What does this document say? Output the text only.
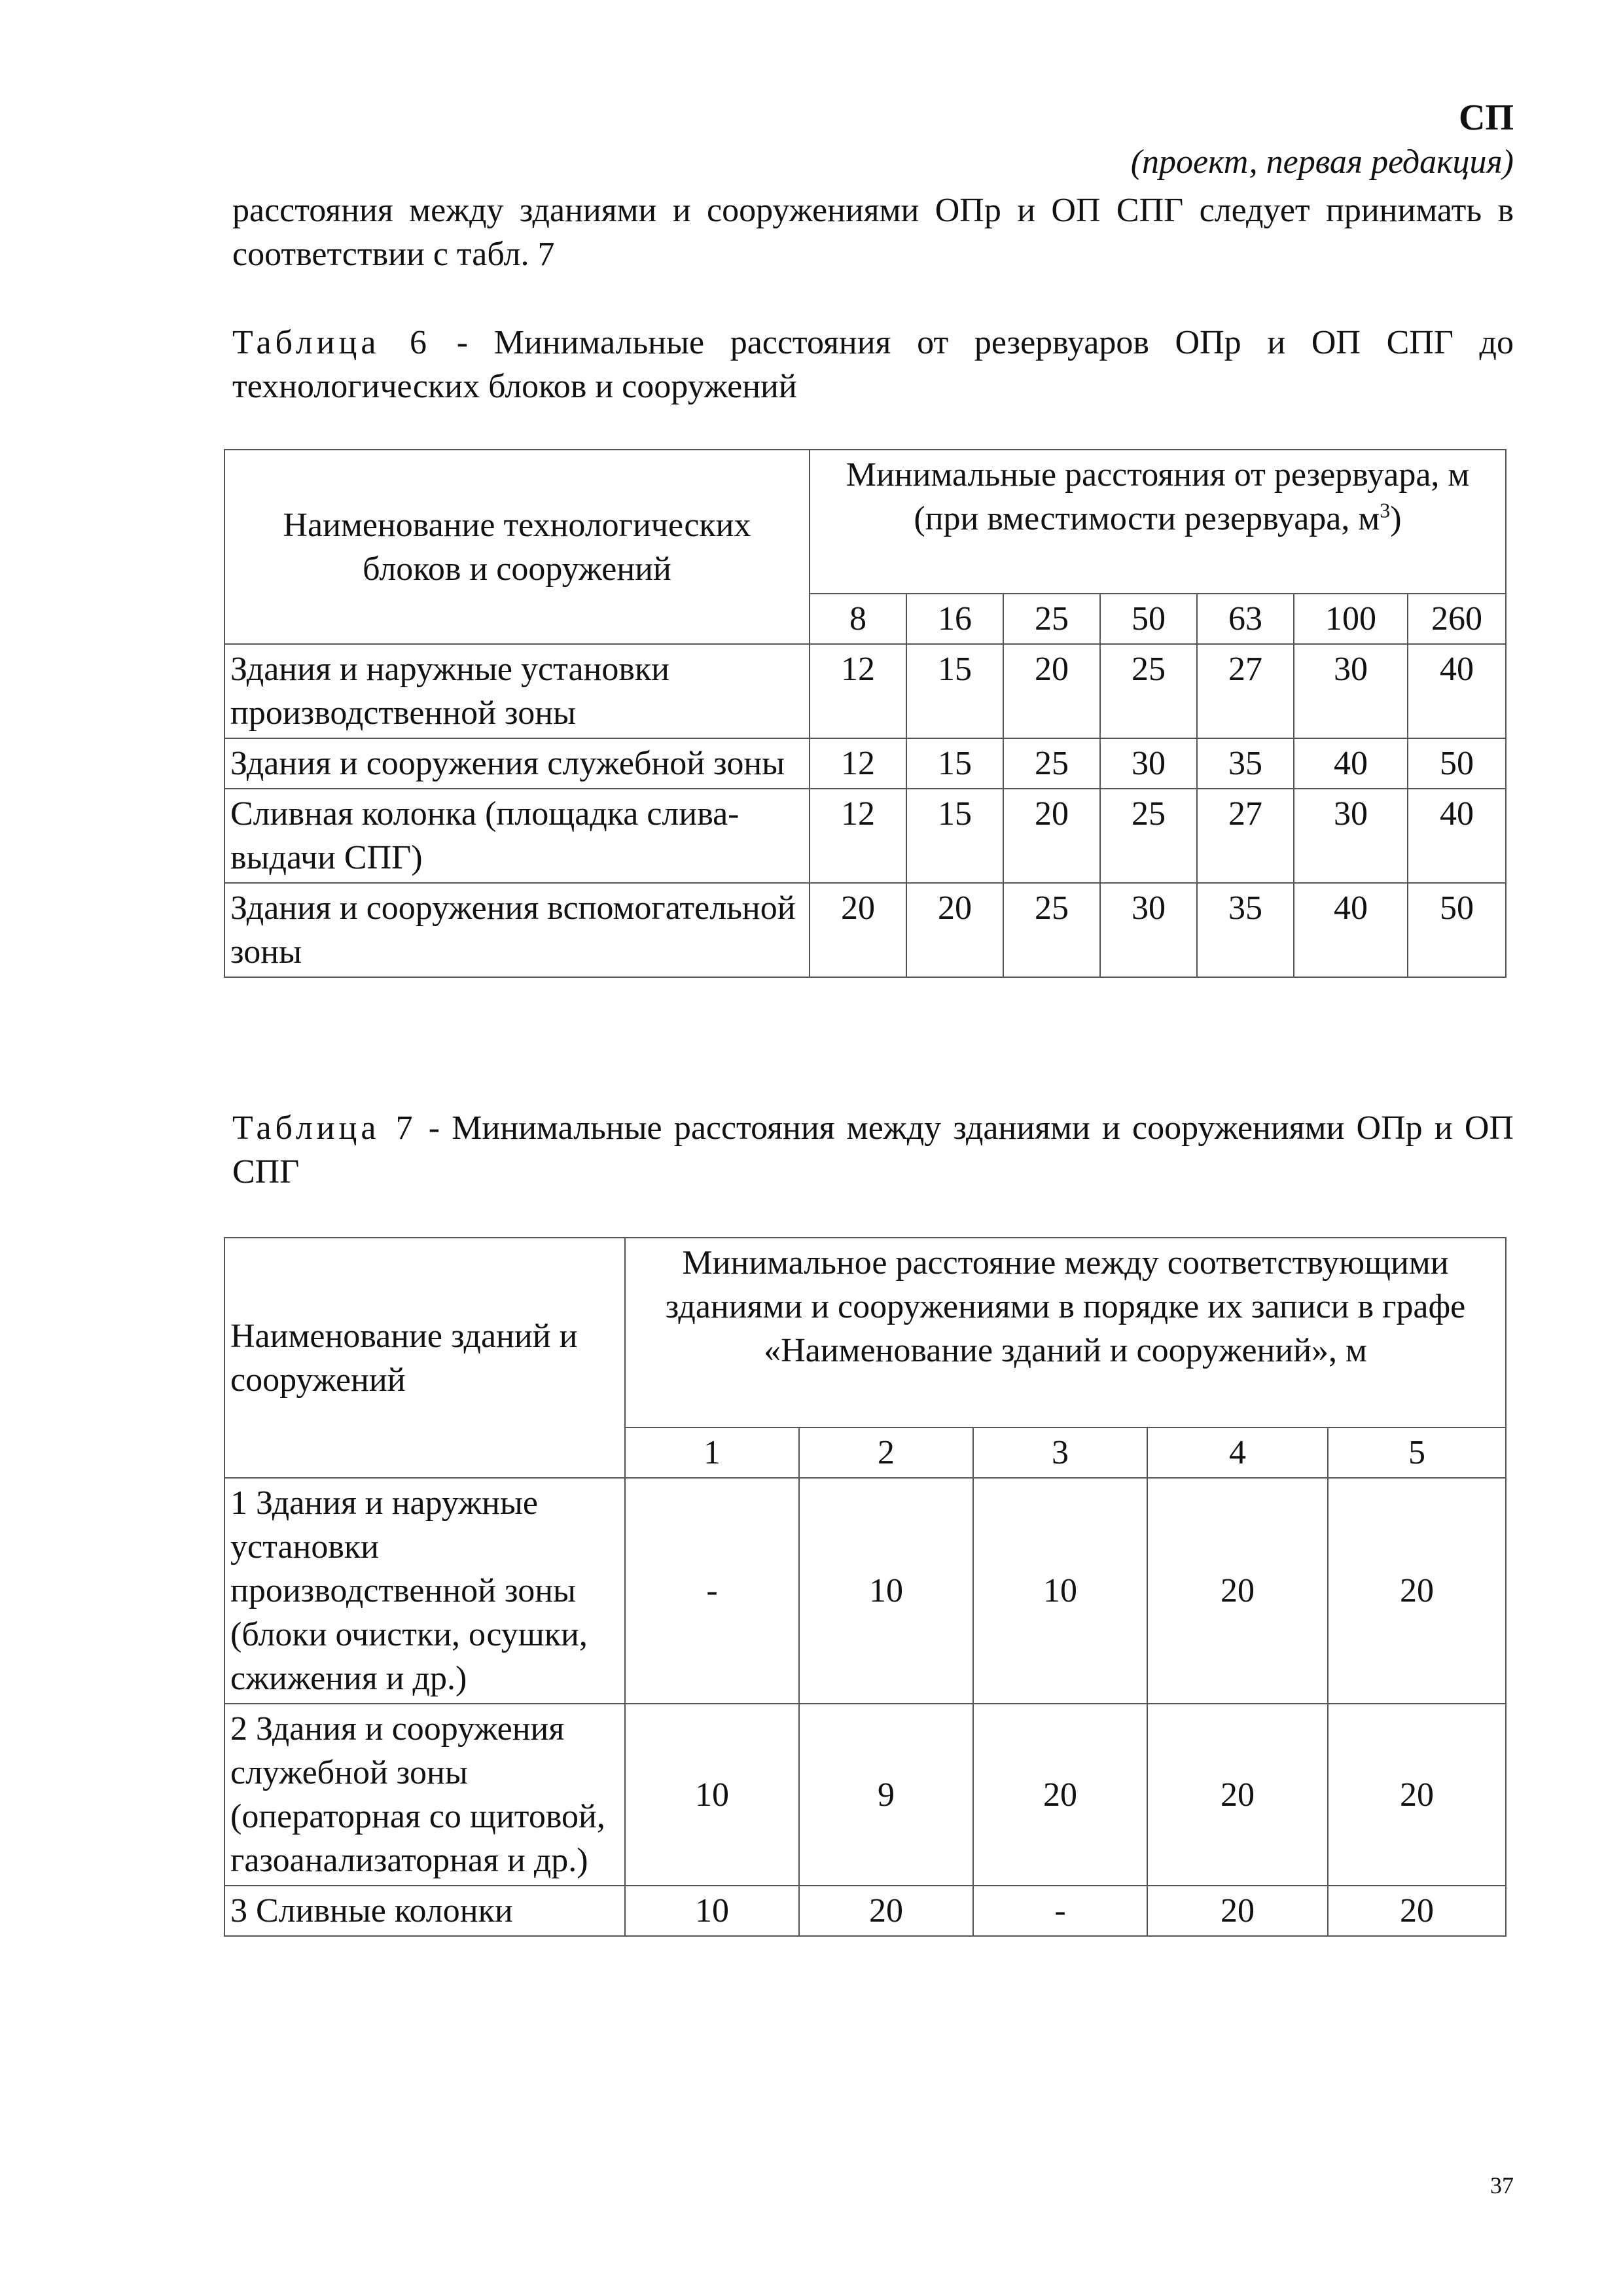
СП
(проект, первая редакция)
расстояния между зданиями и сооружениями ОПр и ОП СПГ следует принимать в соответствии с табл. 7
Таблица 6 - Минимальные расстояния от резервуаров ОПр и ОП СПГ до технологических блоков и сооружений
Наименование технологических блоков и сооружений	Минимальные расстояния от резервуара, м
(при вместимости резервуара, $м^3$)						
	8	16	25	50	63	100	260
Здания и наружные установки производственной зоны	12	15	20	25	27	30	40
Здания и сооружения служебной зоны	12	15	25	30	35	40	50
Сливная колонка (площадка слива-выдачи СПГ)	12	15	20	25	27	30	40
Здания и сооружения вспомогательной зоны	20	20	25	30	35	40	50
Таблица 7 - Минимальные расстояния между зданиями и сооружениями ОПр и ОП СПГ
Наименование зданий и сооружений	Минимальное расстояние между соответствующими зданиями и сооружениями в порядке их записи в графе «Наименование зданий и сооружений», м				
	1	2	3	4	5
1 Здания и наружные установки производственной зоны (блоки очистки, осушки, сжижения и др.)	-	10	10	20	20
2 Здания и сооружения служебной зоны (операторная со щитовой, газоанализаторная и др.)	10	9	20	20	20
3 Сливные колонки	10	20	-	20	20
37
